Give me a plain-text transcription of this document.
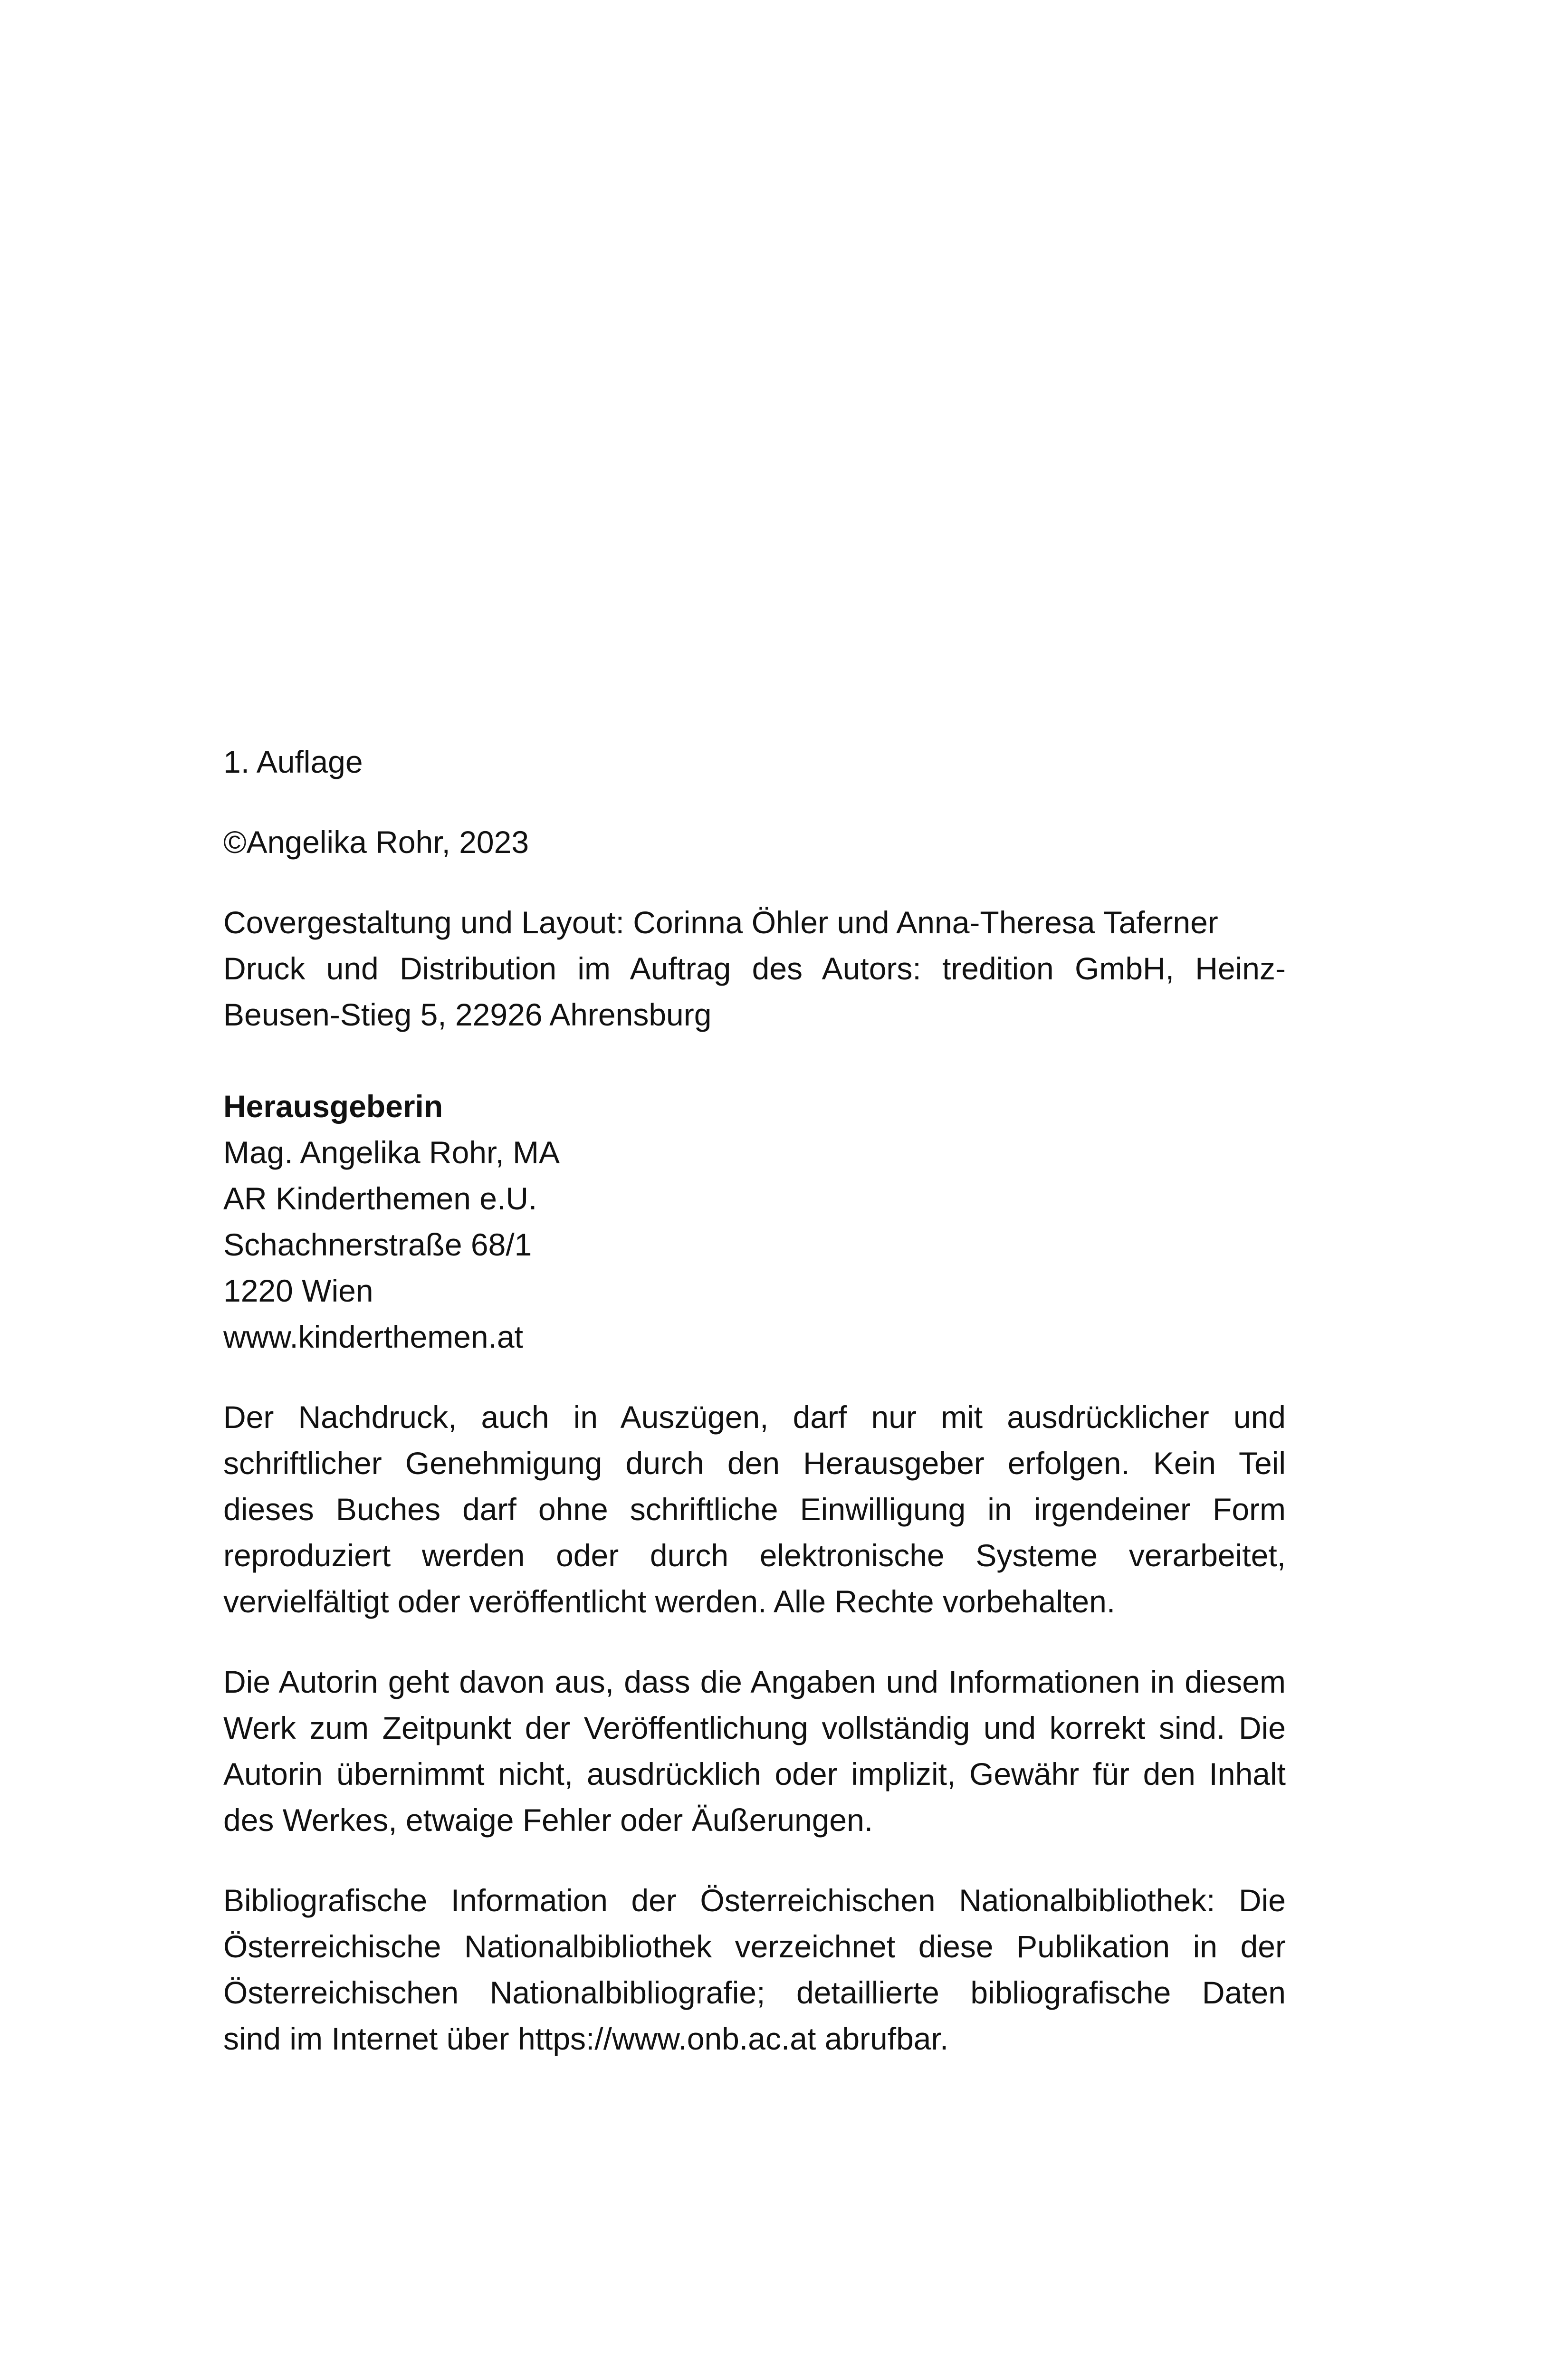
1. Auflage
©Angelika Rohr, 2023
Covergestaltung und Layout: Corinna Öhler und Anna-Theresa Taferner
Druck und Distribution im Auftrag des Autors: tredition GmbH, Heinz-
Beusen-Stieg 5, 22926 Ahrensburg
Herausgeberin
Mag. Angelika Rohr, MA
AR Kinderthemen e.U.
Schachnerstraße 68/1
1220 Wien
www.kinderthemen.at
Der Nachdruck, auch in Auszügen, darf nur mit ausdrücklicher und
schriftlicher Genehmigung durch den Herausgeber erfolgen. Kein Teil
dieses Buches darf ohne schriftliche Einwilligung in irgendeiner Form
reproduziert werden oder durch elektronische Systeme verarbeitet,
vervielfältigt oder veröffentlicht werden. Alle Rechte vorbehalten.
Die Autorin geht davon aus, dass die Angaben und Informationen in diesem
Werk zum Zeitpunkt der Veröffentlichung vollständig und korrekt sind. Die
Autorin übernimmt nicht, ausdrücklich oder implizit, Gewähr für den Inhalt
des Werkes, etwaige Fehler oder Äußerungen.
Bibliografische Information der Österreichischen Nationalbibliothek: Die
Österreichische Nationalbibliothek verzeichnet diese Publikation in der
Österreichischen Nationalbibliografie; detaillierte bibliografische Daten
sind im Internet über https://www.onb.ac.at abrufbar.
